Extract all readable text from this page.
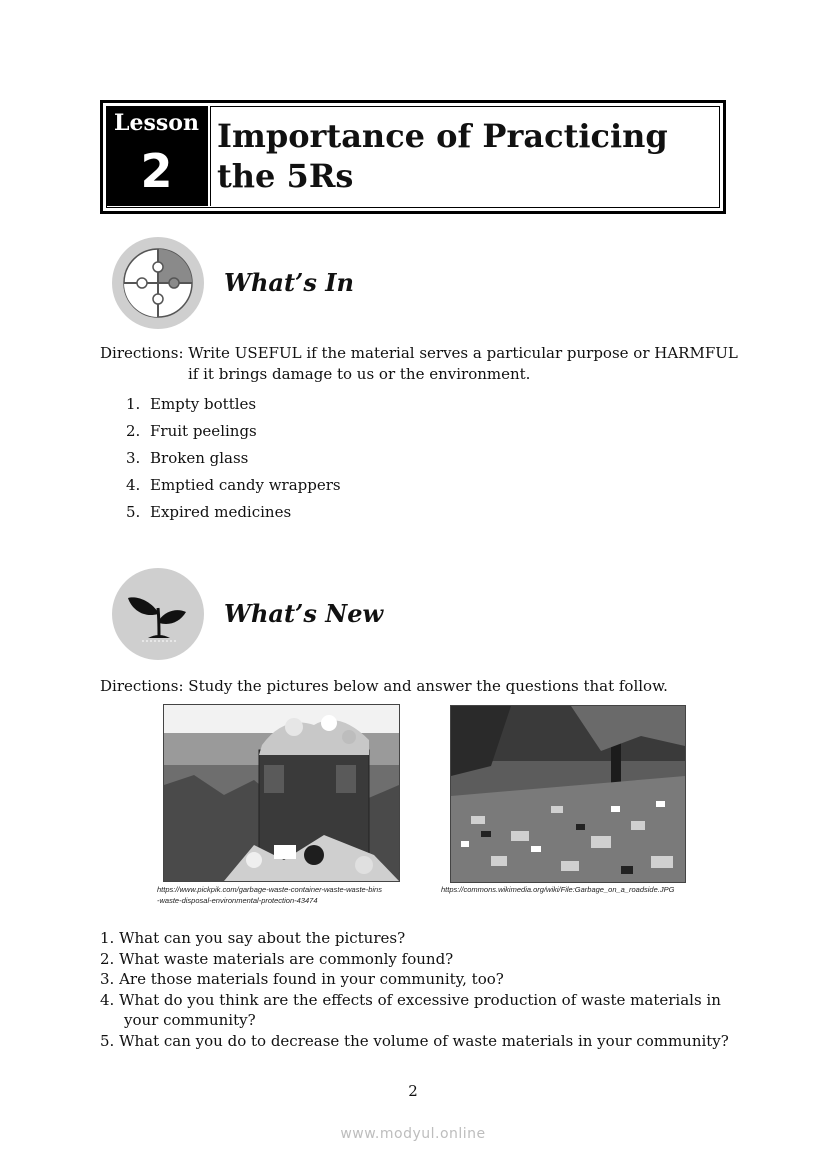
Lesson
2
Importance of Practicing
the 5Rs
What’s In
Directions: Write USEFUL if the material serves a particular purpose or HARMFUL
if it brings damage to us or the environment.
1. Empty bottles
2. Fruit peelings
3. Broken glass
4. Emptied candy wrappers
5. Expired medicines
What’s New
Directions: Study the pictures below and answer the questions that follow.
https://www.pickpik.com/garbage-waste-container-waste-waste-bins
-waste-disposal-environmental-protection-43474
https://commons.wikimedia.org/wiki/File:Garbage_on_a_roadside.JPG
1. What can you say about the pictures?
2. What waste materials are commonly found?
3. Are those materials found in your community, too?
4. What do you think are the effects of excessive production of waste materials in
your community?
5. What can you do to decrease the volume of waste materials in your community?
2
www.modyul.online
